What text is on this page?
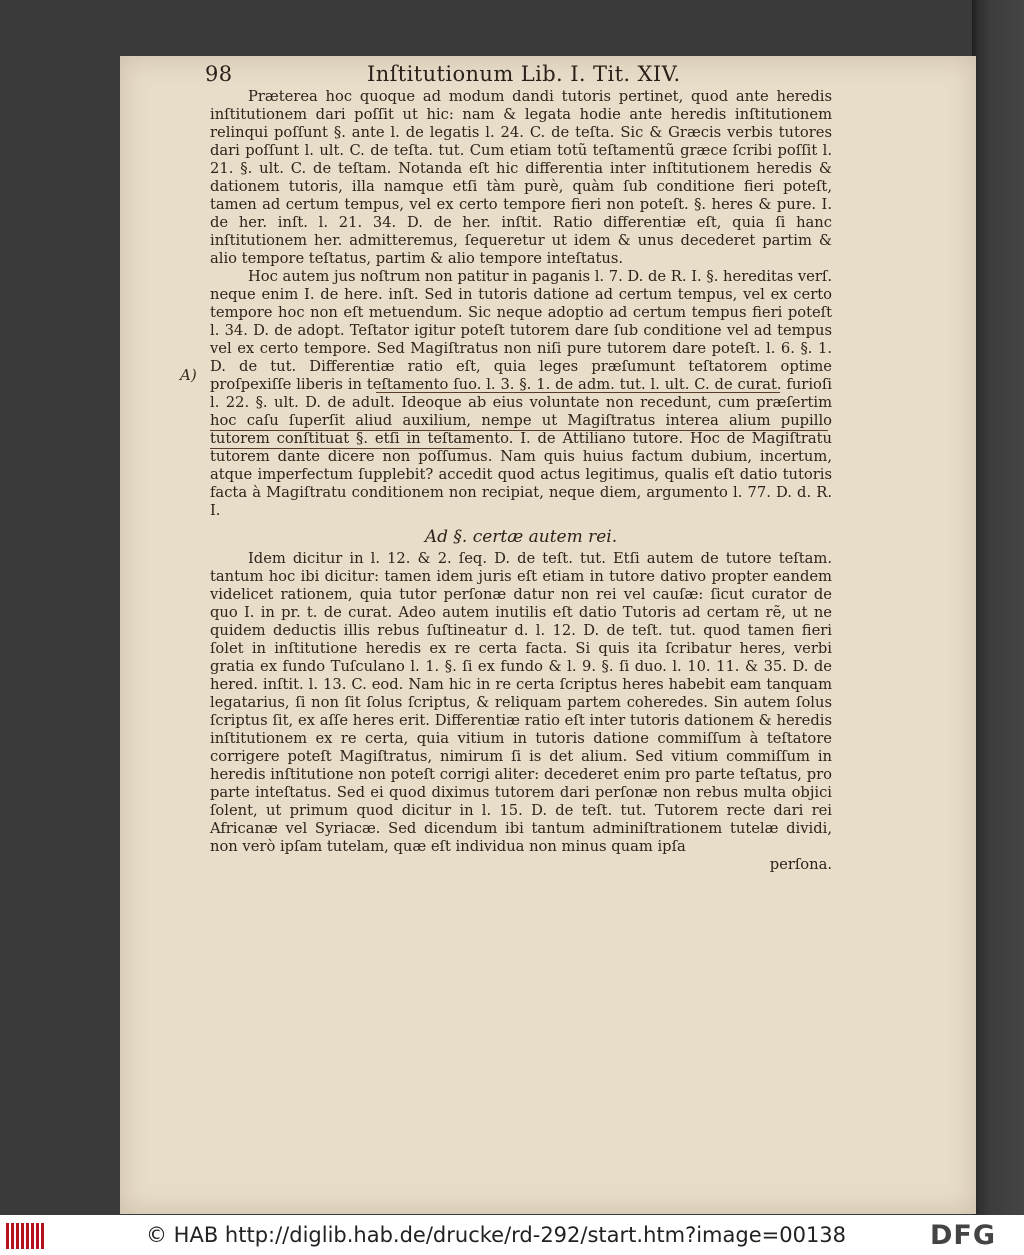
98	Inſtitutionum Lib. I. Tit. XIV.
A)

Præterea hoc quoque ad modum dandi tutoris pertinet, quod ante heredis inſtitutionem dari poſſit ut hic: nam & legata hodie ante heredis inſtitutionem relinqui poſſunt §. ante l. de legatis l. 24. C. de teſta. Sic & Græcis verbis tutores dari poſſunt l. ult. C. de teſta. tut. Cum etiam totũ teſtamentũ græce ſcribi poſſit l. 21. §. ult. C. de teſtam. Notanda eſt hic differentia inter inſtitutionem heredis & dationem tutoris, illa namque etſi tàm purè, quàm ſub conditione fieri poteſt, tamen ad certum tempus, vel ex certo tempore fieri non poteſt. §. heres & pure. I. de her. inſt. l. 21. 34. D. de her. inſtit. Ratio differentiæ eſt, quia ſi hanc inſtitutionem her. admitteremus, ſequeretur ut idem & unus decederet partim & alio tempore teſtatus, partim & alio tempore inteſtatus.

Hoc autem jus noſtrum non patitur in paganis l. 7. D. de R. I. §. hereditas verſ. neque enim I. de here. inſt. Sed in tutoris datione ad certum tempus, vel ex certo tempore hoc non eſt metuendum. Sic neque adoptio ad certum tempus fieri poteſt l. 34. D. de adopt. Teſtator igitur poteſt tutorem dare ſub conditione vel ad tempus vel ex certo tempore. Sed Magiſtratus non niſi pure tutorem dare poteſt. l. 6. §. 1. D. de tut. Differentiæ ratio eſt, quia leges præſumunt teſtatorem optime proſpexiſſe liberis in teſtamento ſuo. l. 3. §. 1. de adm. tut. l. ult. C. de curat. furioſi l. 22. §. ult. D. de adult. Ideoque ab eius voluntate non recedunt, cum præſertim hoc caſu ſuperſit aliud auxilium, nempe ut Magiſtratus interea alium pupillo tutorem conſtituat §. etſi in teſtamento. I. de Attiliano tutore. Hoc de Magiſtratu tutorem dante dicere non poſſumus. Nam quis huius factum dubium, incertum, atque imperfectum ſupplebit? accedit quod actus legitimus, qualis eſt datio tutoris facta à Magiſtratu conditionem non recipiat, neque diem, argumento l. 77. D. d. R. I.

Ad §. certæ autem rei.

Idem dicitur in l. 12. & 2. ſeq. D. de teſt. tut. Etſi autem de tutore teſtam. tantum hoc ibi dicitur: tamen idem juris eſt etiam in tutore dativo propter eandem videlicet rationem, quia tutor perſonæ datur non rei vel cauſæ: ſicut curator de quo I. in pr. t. de curat. Adeo autem inutilis eſt datio Tutoris ad certam rẽ, ut ne quidem deductis illis rebus ſuſtineatur d. l. 12. D. de teſt. tut. quod tamen fieri ſolet in inſtitutione heredis ex re certa facta. Si quis ita ſcribatur heres, verbi gratia ex fundo Tuſculano l. 1. §. ſi ex fundo & l. 9. §. ſi duo. l. 10. 11. & 35. D. de hered. inſtit. l. 13. C. eod. Nam hic in re certa ſcriptus heres habebit eam tanquam legatarius, ſi non ſit ſolus ſcriptus, & reliquam partem coheredes. Sin autem ſolus ſcriptus ſit, ex aſſe heres erit. Differentiæ ratio eſt inter tutoris dationem & heredis inſtitutionem ex re certa, quia vitium in tutoris datione commiſſum à teſtatore corrigere poteſt Magiſtratus, nimirum ſi is det alium. Sed vitium commiſſum in heredis inſtitutione non poteſt corrigi aliter: decederet enim pro parte teſtatus, pro parte inteſtatus. Sed ei quod diximus tutorem dari perſonæ non rebus multa objici ſolent, ut primum quod dicitur in l. 15. D. de teſt. tut. Tutorem recte dari rei Africanæ vel Syriacæ. Sed dicendum ibi tantum adminiſtrationem tutelæ dividi, non verò ipſam tutelam, quæ eſt individua non minus quam ipſa

perſona.

© HAB http://diglib.hab.de/drucke/rd-292/start.htm?image=00138	DFG
